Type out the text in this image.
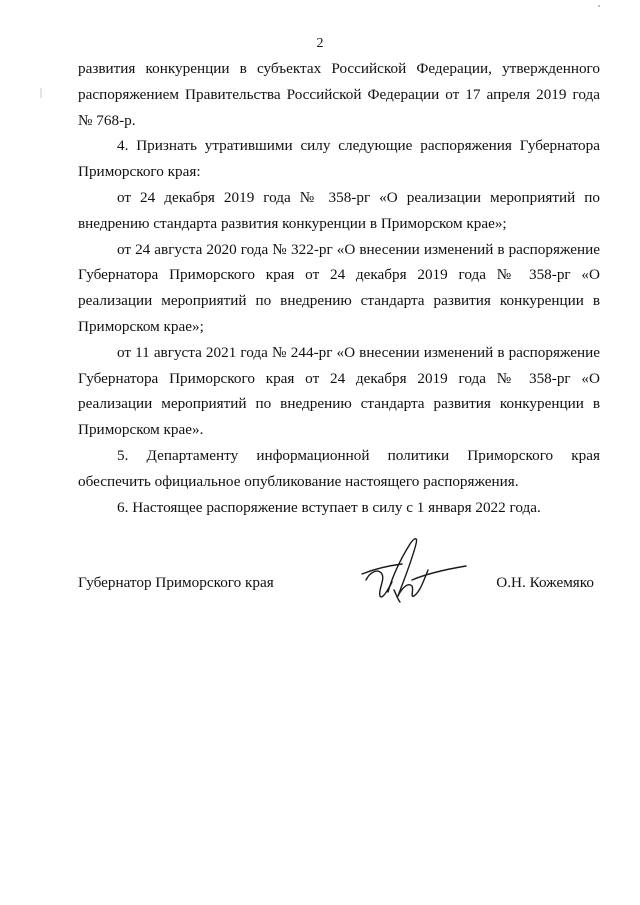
2

развития конкуренции в субъектах Российской Федерации, утвержденного распоряжением Правительства Российской Федерации от 17 апреля 2019 года № 768-р.

4. Признать утратившими силу следующие распоряжения Губернатора Приморского края:

от 24 декабря 2019 года № 358-рг «О реализации мероприятий по внедрению стандарта развития конкуренции в Приморском крае»;

от 24 августа 2020 года № 322-рг «О внесении изменений в распоряжение Губернатора Приморского края от 24 декабря 2019 года № 358-рг «О реализации мероприятий по внедрению стандарта развития конкуренции в Приморском крае»;

от 11 августа 2021 года № 244-рг «О внесении изменений в распоряжение Губернатора Приморского края от 24 декабря 2019 года № 358-рг «О реализации мероприятий по внедрению стандарта развития конкуренции в Приморском крае».

5. Департаменту информационной политики Приморского края обеспечить официальное опубликование настоящего распоряжения.

6. Настоящее распоряжение вступает в силу с 1 января 2022 года.

Губернатор Приморского края	О.Н. Кожемяко
